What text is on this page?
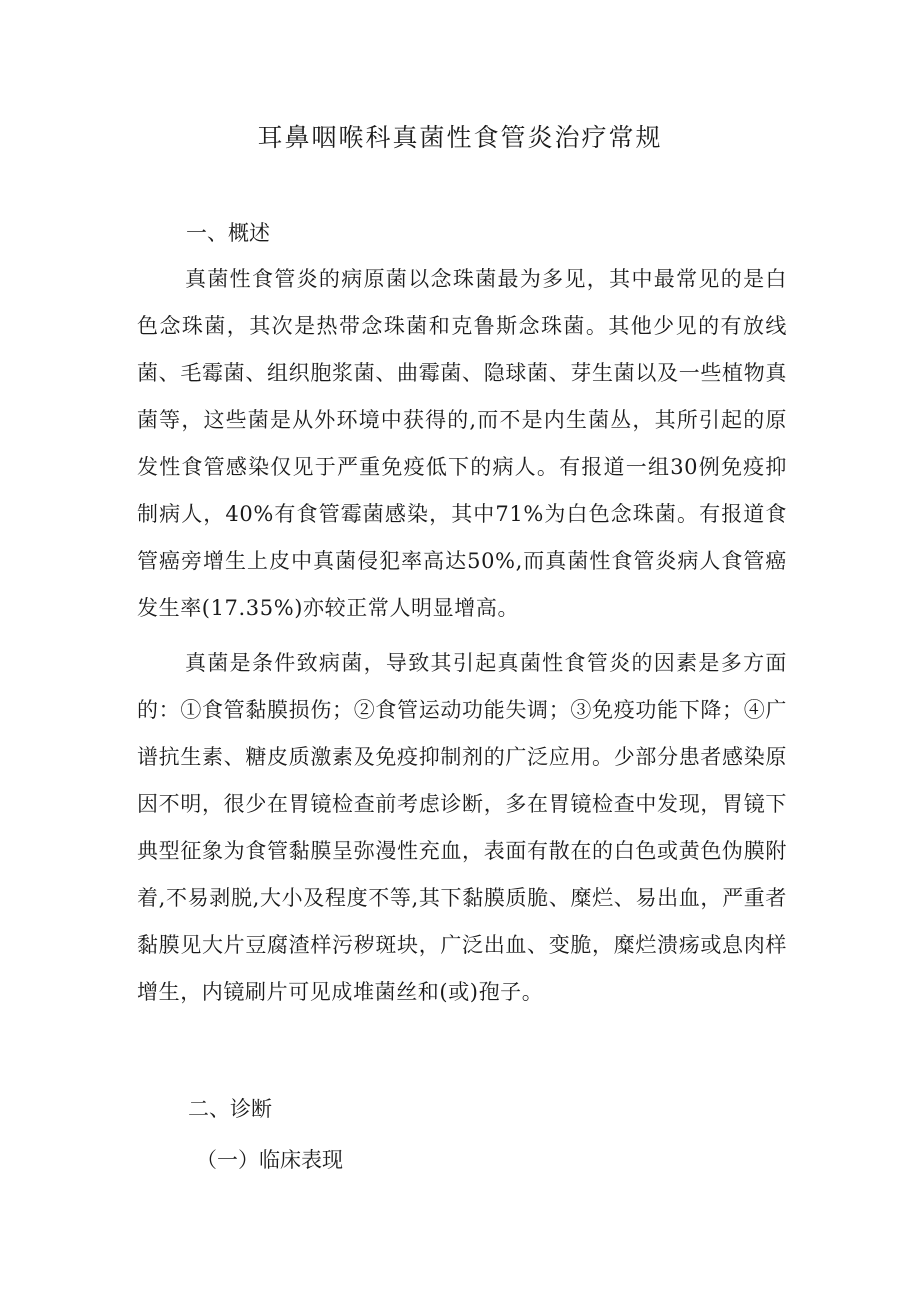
耳鼻咽喉科真菌性食管炎治疗常规
一、概述

真菌性食管炎的病原菌以念珠菌最为多见，其中最常见的是白色念珠菌，其次是热带念珠菌和克鲁斯念珠菌。其他少见的有放线菌、毛霉菌、组织胞浆菌、曲霉菌、隐球菌、芽生菌以及一些植物真菌等，这些菌是从外环境中获得的,而不是内生菌丛，其所引起的原发性食管感染仅见于严重免疫低下的病人。有报道一组30例免疫抑制病人，40%有食管霉菌感染，其中71%为白色念珠菌。有报道食管癌旁增生上皮中真菌侵犯率高达50%,而真菌性食管炎病人食管癌发生率(17.35%)亦较正常人明显增高。

真菌是条件致病菌，导致其引起真菌性食管炎的因素是多方面的：①食管黏膜损伤；②食管运动功能失调；③免疫功能下降；④广谱抗生素、糖皮质激素及免疫抑制剂的广泛应用。少部分患者感染原因不明，很少在胃镜检查前考虑诊断，多在胃镜检查中发现，胃镜下典型征象为食管黏膜呈弥漫性充血，表面有散在的白色或黄色伪膜附着,不易剥脱,大小及程度不等,其下黏膜质脆、糜烂、易出血，严重者黏膜见大片豆腐渣样污秽斑块，广泛出血、变脆，糜烂溃疡或息肉样增生，内镜刷片可见成堆菌丝和(或)孢子。

二、诊断
（一）临床表现
